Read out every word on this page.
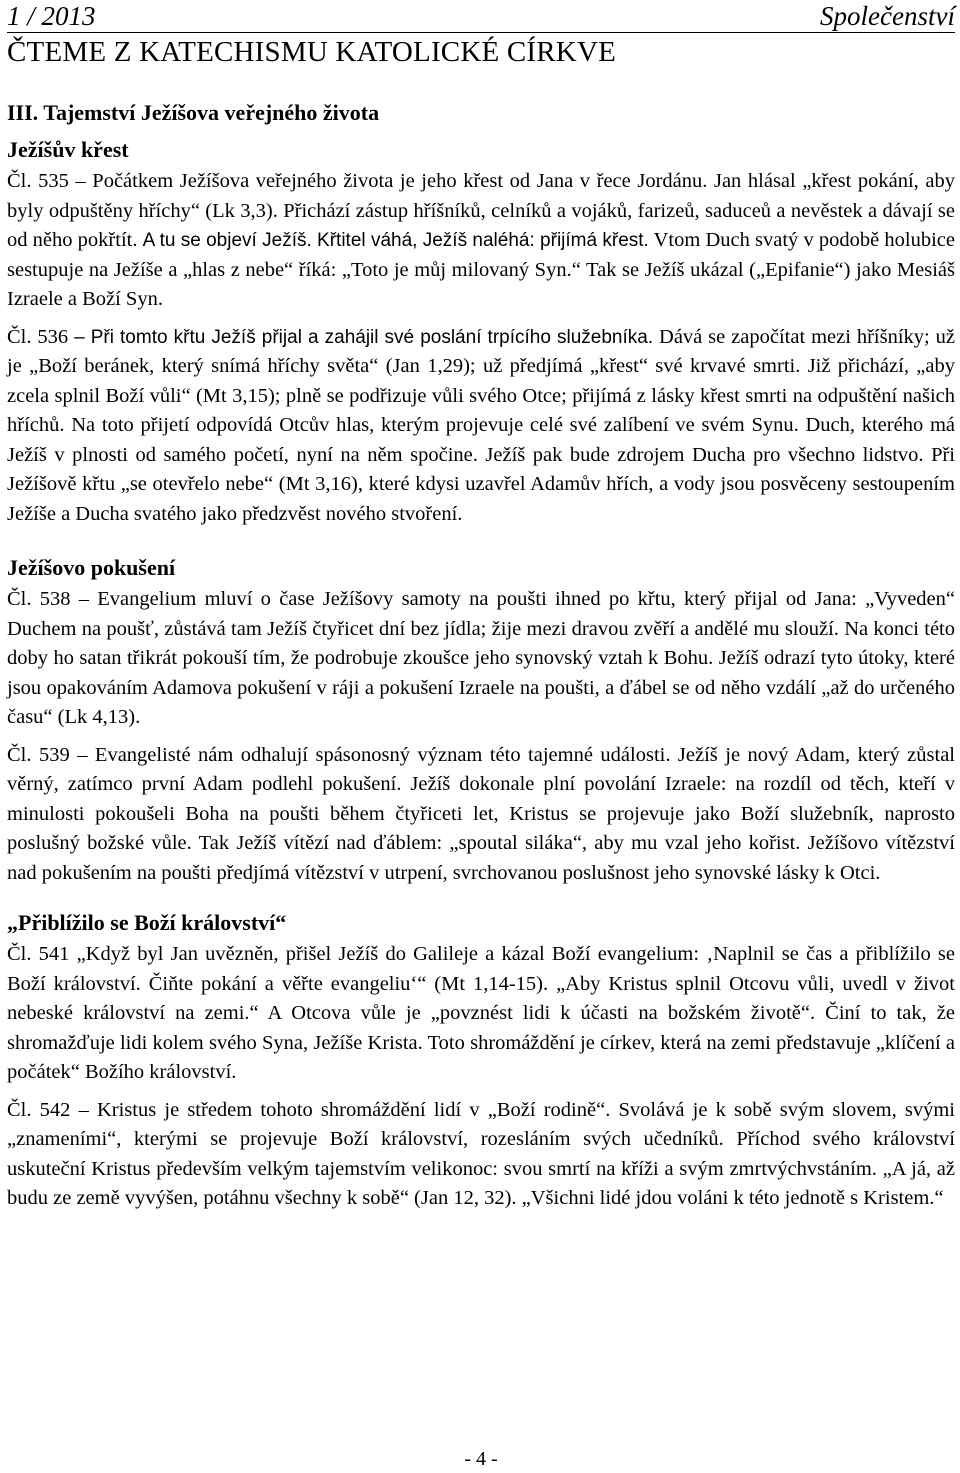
1 / 2013	Společenství
ČTEME Z KATECHISMU KATOLICKÉ CÍRKVE
III. Tajemství Ježíšova veřejného života
Ježíšův křest

Čl. 535 – Počátkem Ježíšova veřejného života je jeho křest od Jana v řece Jordánu. Jan hlásal „křest pokání, aby byly odpuštěny hříchy“ (Lk 3,3). Přichází zástup hříšníků, celníků a vojáků, farizeů, saduceů a nevěstek a dávají se od něho pokřtít. A tu se objeví Ježíš. Křtitel váhá, Ježíš naléhá: přijímá křest. Vtom Duch svatý v podobě holubice sestupuje na Ježíše a „hlas z nebe“ říká: „Toto je můj milovaný Syn.“ Tak se Ježíš ukázal („Epifanie“) jako Mesiáš Izraele a Boží Syn.

Čl. 536 – Při tomto křtu Ježíš přijal a zahájil své poslání trpícího služebníka. Dává se započítat mezi hříšníky; už je „Boží beránek, který snímá hříchy světa“ (Jan 1,29); už předjímá „křest“ své krvavé smrti. Již přichází, „aby zcela splnil Boží vůli“ (Mt 3,15); plně se podřizuje vůli svého Otce; přijímá z lásky křest smrti na odpuštění našich hříchů. Na toto přijetí odpovídá Otcův hlas, kterým projevuje celé své zalíbení ve svém Synu. Duch, kterého má Ježíš v plnosti od samého početí, nyní na něm spočine. Ježíš pak bude zdrojem Ducha pro všechno lidstvo. Při Ježíšově křtu „se otevřelo nebe“ (Mt 3,16), které kdysi uzavřel Adamův hřích, a vody jsou posvěceny sestoupením Ježíše a Ducha svatého jako předzvěst nového stvoření.

Ježíšovo pokušení

Čl. 538 – Evangelium mluví o čase Ježíšovy samoty na poušti ihned po křtu, který přijal od Jana: „Vyveden“ Duchem na poušť, zůstává tam Ježíš čtyřicet dní bez jídla; žije mezi dravou zvěří a andělé mu slouží. Na konci této doby ho satan třikrát pokouší tím, že podrobuje zkoušce jeho synovský vztah k Bohu. Ježíš odrazí tyto útoky, které jsou opakováním Adamova pokušení v ráji a pokušení Izraele na poušti, a ďábel se od něho vzdálí „až do určeného času“ (Lk 4,13).

Čl. 539 – Evangelisté nám odhalují spásonosný význam této tajemné události. Ježíš je nový Adam, který zůstal věrný, zatímco první Adam podlehl pokušení. Ježíš dokonale plní povolání Izraele: na rozdíl od těch, kteří v minulosti pokoušeli Boha na poušti během čtyřiceti let, Kristus se projevuje jako Boží služebník, naprosto poslušný božské vůle. Tak Ježíš vítězí nad ďáblem: „spoutal siláka“, aby mu vzal jeho kořist. Ježíšovo vítězství nad pokušením na poušti předjímá vítězství v utrpení, svrchovanou poslušnost jeho synovské lásky k Otci.

„Přiblížilo se Boží království“

Čl. 541 „Když byl Jan uvězněn, přišel Ježíš do Galileje a kázal Boží evangelium: ‚Naplnil se čas a přiblížilo se Boží království. Čiňte pokání a věřte evangeliu‘“ (Mt 1,14-15). „Aby Kristus splnil Otcovu vůli, uvedl v život nebeské království na zemi.“ A Otcova vůle je „povznést lidi k účasti na božském životě“. Činí to tak, že shromažďuje lidi kolem svého Syna, Ježíše Krista. Toto shromáždění je církev, která na zemi představuje „klíčení a počátek“ Božího království.

Čl. 542 – Kristus je středem tohoto shromáždění lidí v „Boží rodině“. Svolává je k sobě svým slovem, svými „znameními“, kterými se projevuje Boží království, rozesláním svých učedníků. Příchod svého království uskuteční Kristus především velkým tajemstvím velikonoc: svou smrtí na kříži a svým zmrtvýchvstáním. „A já, až budu ze země vyvýšen, potáhnu všechny k sobě“ (Jan 12, 32). „Všichni lidé jdou voláni k této jednotě s Kristem.“

- 4 -
